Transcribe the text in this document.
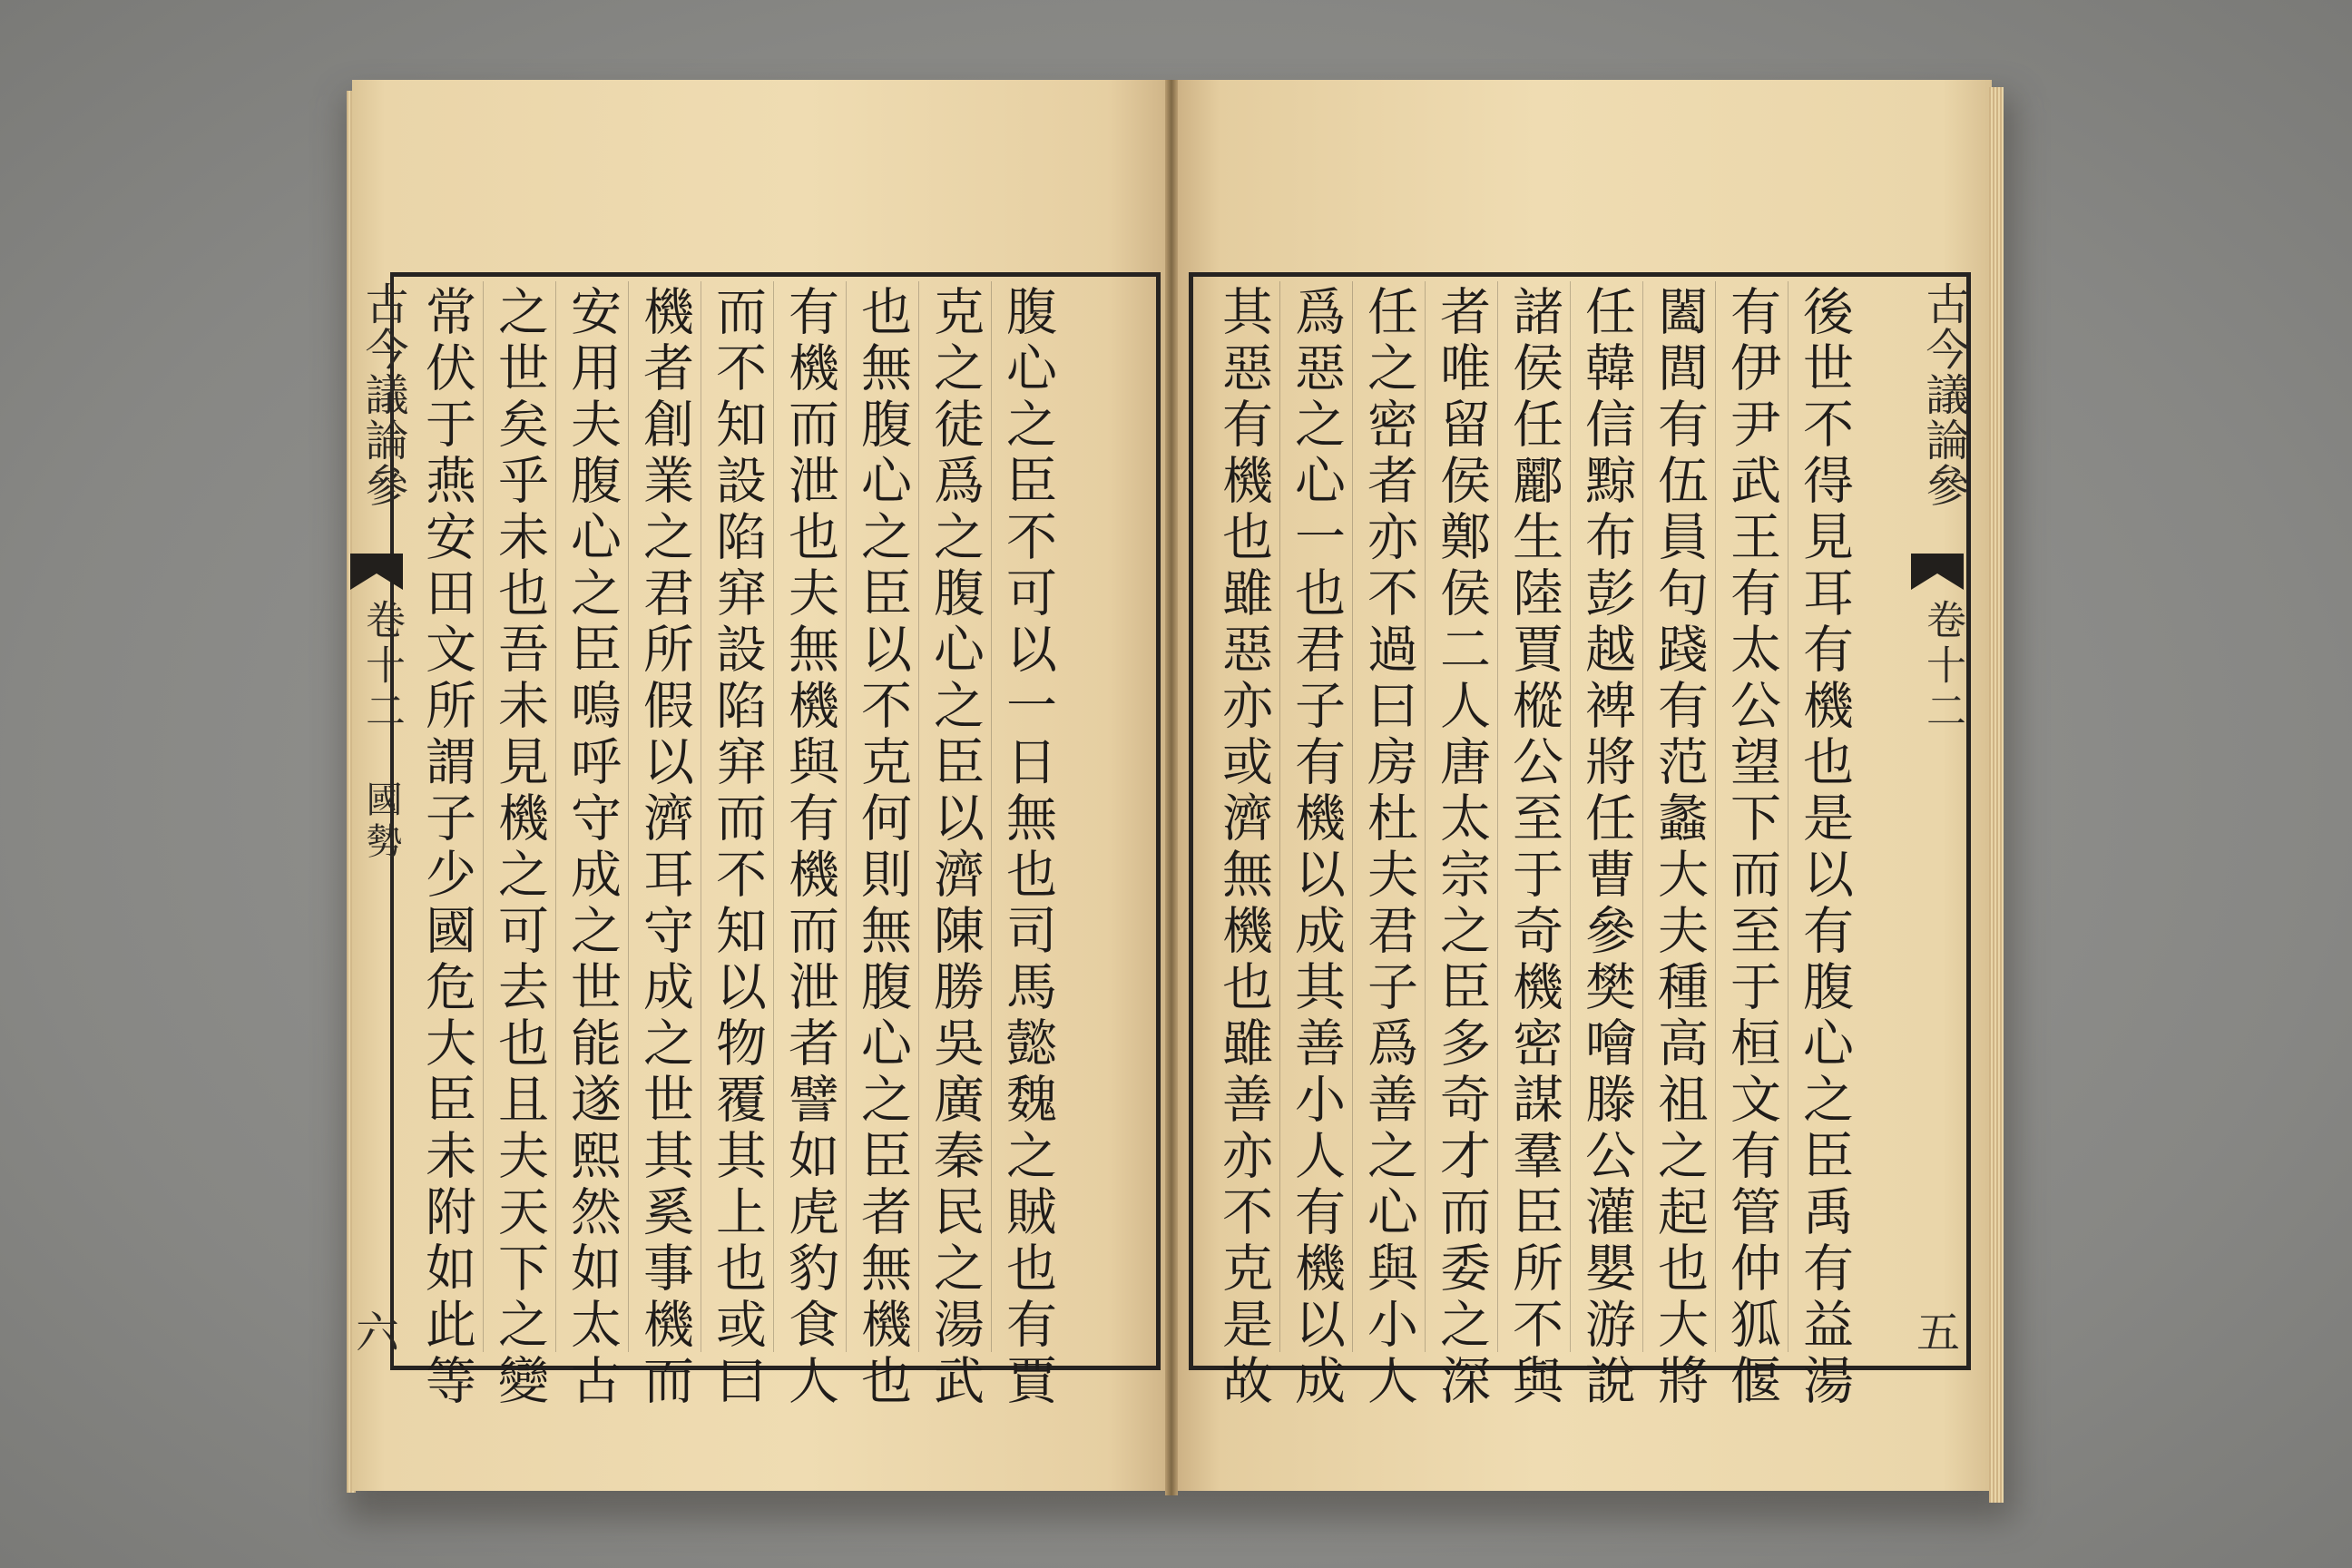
古今議論參
卷十二
國勢
六
古今議論參
卷十二
五
腹心之臣不可以一日無也司馬懿魏之賊也有賈
克之徒爲之腹心之臣以濟陳勝吳廣秦民之湯武
也無腹心之臣以不克何則無腹心之臣者無機也
有機而泄也夫無機與有機而泄者譬如虎豹食人
而不知設陷穽設陷穽而不知以物覆其上也或曰
機者創業之君所假以濟耳守成之世其奚事機而
安用夫腹心之臣嗚呼守成之世能遂熙然如太古
之世矣乎未也吾未見機之可去也且夫天下之變
常伏于燕安田文所謂子少國危大臣未附如此等
後世不得見耳有機也是以有腹心之臣禹有益湯
有伊尹武王有太公望下而至于桓文有管仲狐偃
闔閭有伍員句踐有范蠡大夫種高祖之起也大將
任韓信黥布彭越裨將任曹參樊噲滕公灌嬰游說
諸侯任酈生陸賈樅公至于奇機密謀羣臣所不與
者唯留侯鄭侯二人唐太宗之臣多奇才而委之深
任之密者亦不過曰房杜夫君子爲善之心與小人
爲惡之心一也君子有機以成其善小人有機以成
其惡有機也雖惡亦或濟無機也雖善亦不克是故
